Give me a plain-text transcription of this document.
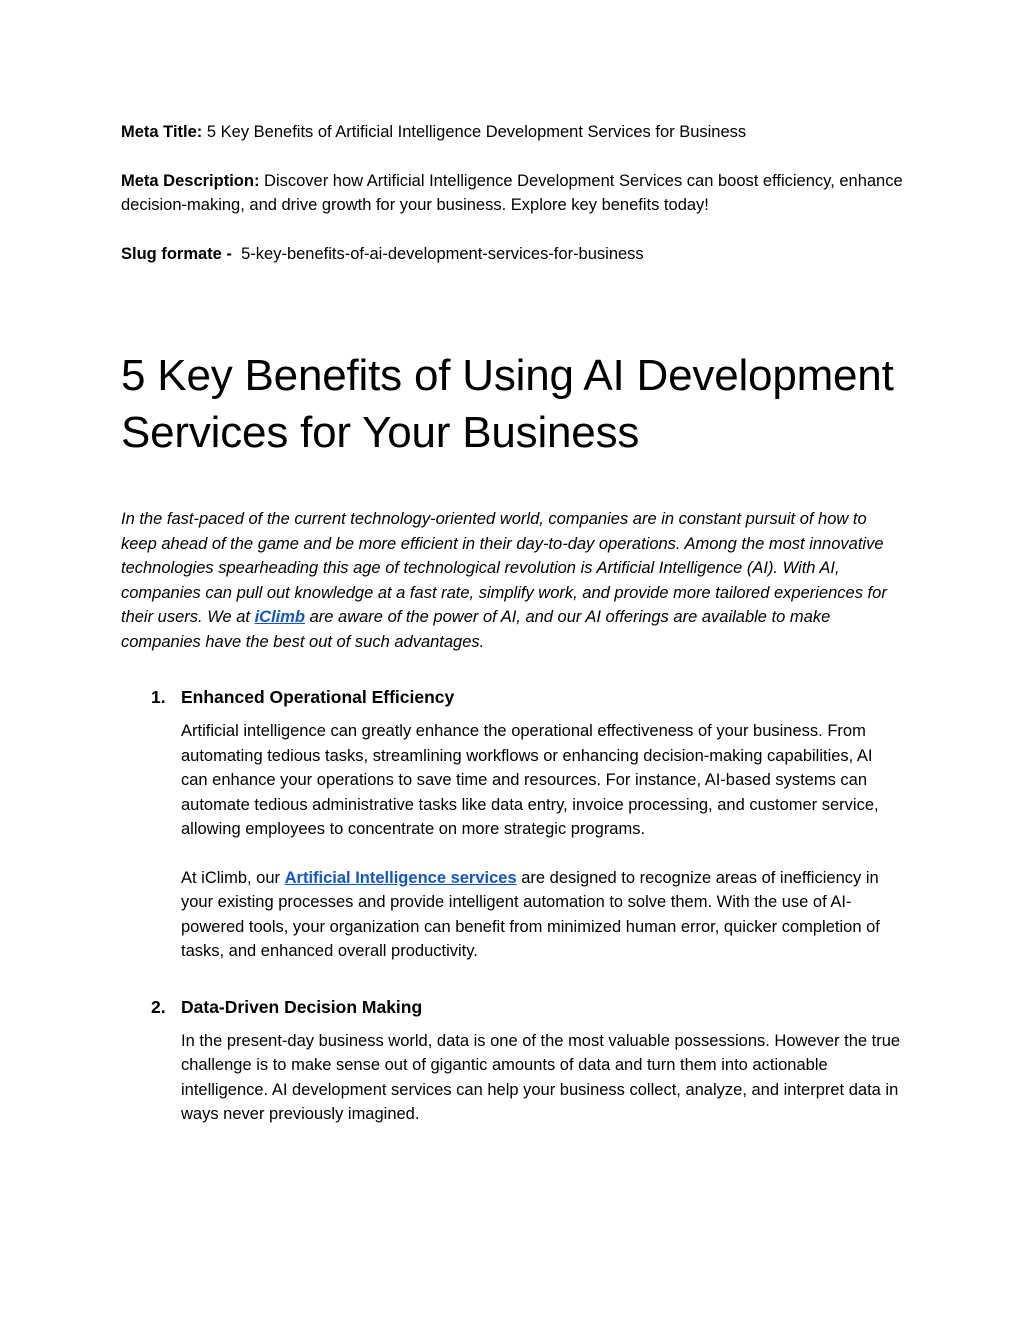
Meta Title: 5 Key Benefits of Artificial Intelligence Development Services for Business

Meta Description: Discover how Artificial Intelligence Development Services can boost efficiency, enhance decision-making, and drive growth for your business. Explore key benefits today!

Slug formate - 5-key-benefits-of-ai-development-services-for-business

5 Key Benefits of Using AI Development Services for Your Business

In the fast-paced of the current technology-oriented world, companies are in constant pursuit of how to keep ahead of the game and be more efficient in their day-to-day operations. Among the most innovative technologies spearheading this age of technological revolution is Artificial Intelligence (AI). With AI, companies can pull out knowledge at a fast rate, simplify work, and provide more tailored experiences for their users. We at iClimb are aware of the power of AI, and our AI offerings are available to make companies have the best out of such advantages.

1. Enhanced Operational Efficiency

Artificial intelligence can greatly enhance the operational effectiveness of your business. From automating tedious tasks, streamlining workflows or enhancing decision-making capabilities, AI can enhance your operations to save time and resources. For instance, AI-based systems can automate tedious administrative tasks like data entry, invoice processing, and customer service, allowing employees to concentrate on more strategic programs.

At iClimb, our Artificial Intelligence services are designed to recognize areas of inefficiency in your existing processes and provide intelligent automation to solve them. With the use of AI-powered tools, your organization can benefit from minimized human error, quicker completion of tasks, and enhanced overall productivity.

2. Data-Driven Decision Making

In the present-day business world, data is one of the most valuable possessions. However the true challenge is to make sense out of gigantic amounts of data and turn them into actionable intelligence. AI development services can help your business collect, analyze, and interpret data in ways never previously imagined.
